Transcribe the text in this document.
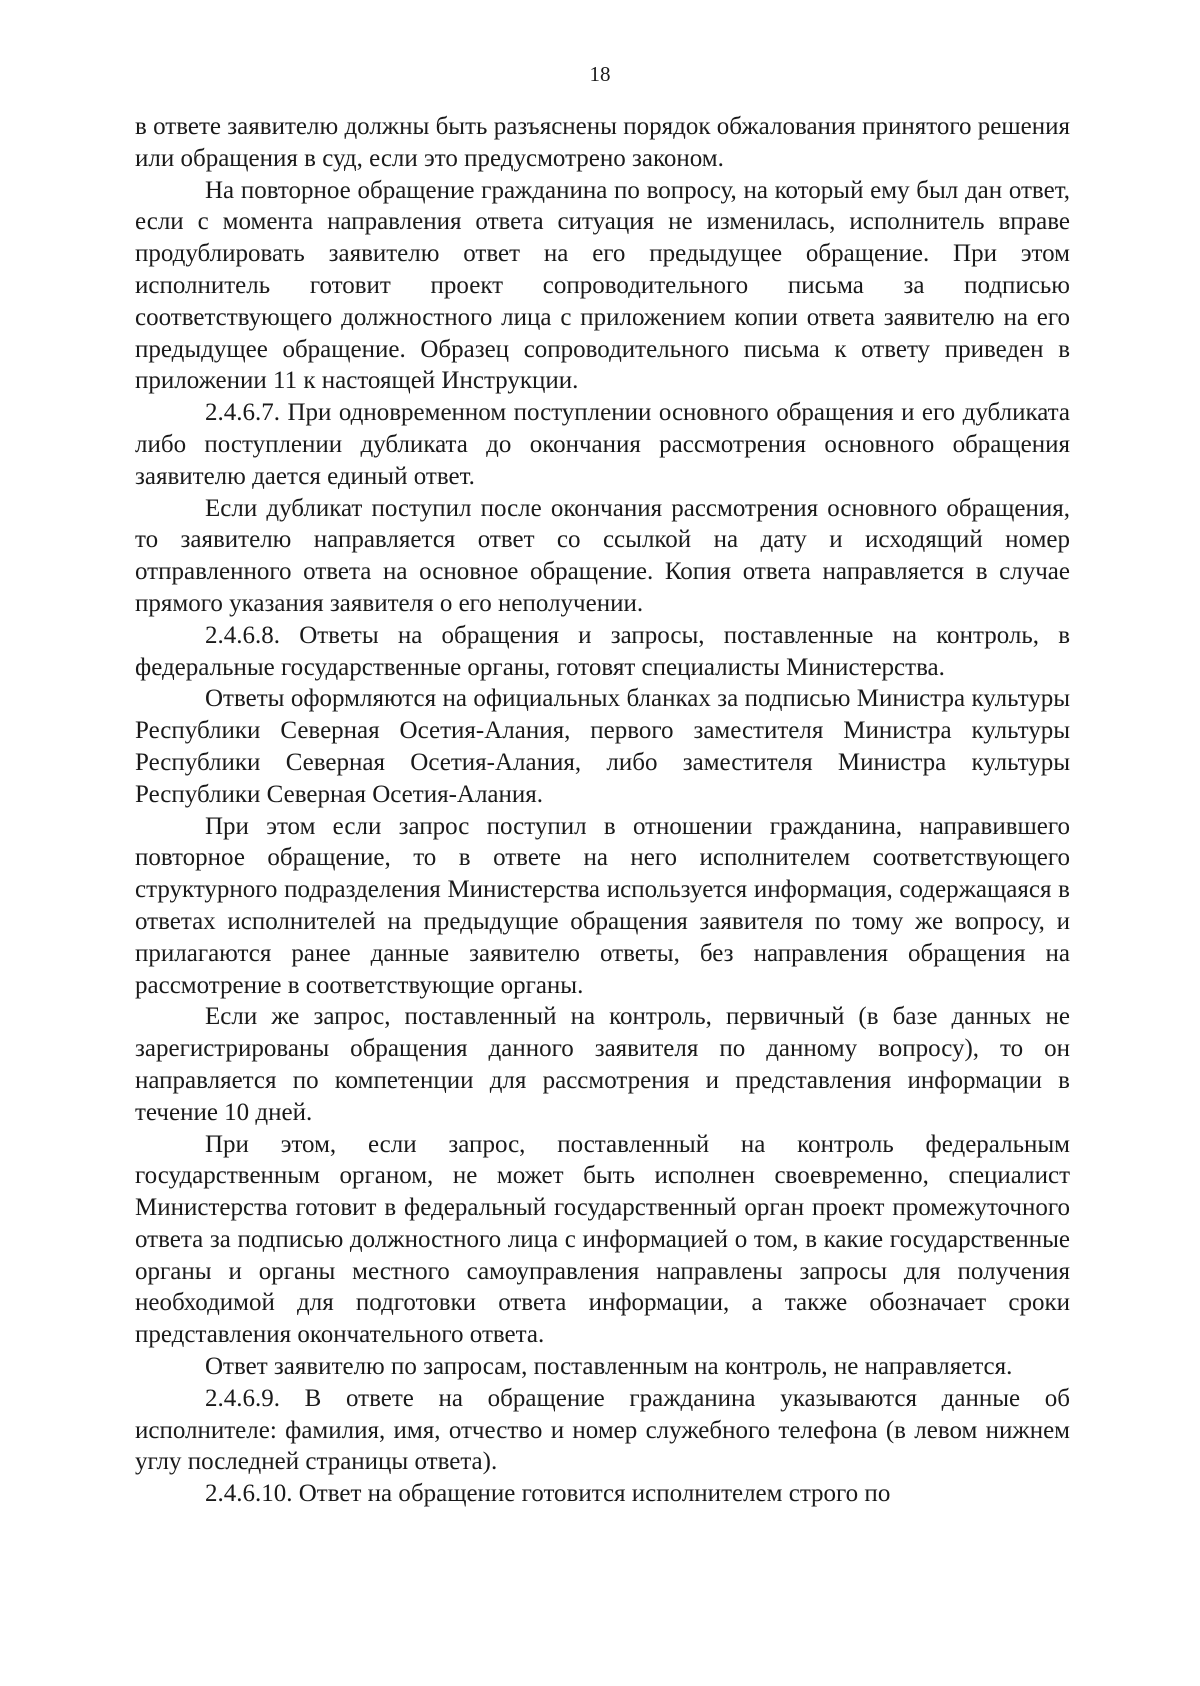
18

в ответе заявителю должны быть разъяснены порядок обжалования принятого решения или обращения в суд, если это предусмотрено законом.

На повторное обращение гражданина по вопросу, на который ему был дан ответ, если с момента направления ответа ситуация не изменилась, исполнитель вправе продублировать заявителю ответ на его предыдущее обращение. При этом исполнитель готовит проект сопроводительного письма за подписью соответствующего должностного лица с приложением копии ответа заявителю на его предыдущее обращение. Образец сопроводительного письма к ответу приведен в приложении 11 к настоящей Инструкции.

2.4.6.7. При одновременном поступлении основного обращения и его дубликата либо поступлении дубликата до окончания рассмотрения основного обращения заявителю дается единый ответ.

Если дубликат поступил после окончания рассмотрения основного обращения, то заявителю направляется ответ со ссылкой на дату и исходящий номер отправленного ответа на основное обращение. Копия ответа направляется в случае прямого указания заявителя о его неполучении.

2.4.6.8. Ответы на обращения и запросы, поставленные на контроль, в федеральные государственные органы, готовят специалисты Министерства.

Ответы оформляются на официальных бланках за подписью Министра культуры Республики Северная Осетия-Алания, первого заместителя Министра культуры Республики Северная Осетия-Алания, либо заместителя Министра культуры Республики Северная Осетия-Алания.

При этом если запрос поступил в отношении гражданина, направившего повторное обращение, то в ответе на него исполнителем соответствующего структурного подразделения Министерства используется информация, содержащаяся в ответах исполнителей на предыдущие обращения заявителя по тому же вопросу, и прилагаются ранее данные заявителю ответы, без направления обращения на рассмотрение в соответствующие органы.

Если же запрос, поставленный на контроль, первичный (в базе данных не зарегистрированы обращения данного заявителя по данному вопросу), то он направляется по компетенции для рассмотрения и представления информации в течение 10 дней.

При этом, если запрос, поставленный на контроль федеральным государственным органом, не может быть исполнен своевременно, специалист Министерства готовит в федеральный государственный орган проект промежуточного ответа за подписью должностного лица с информацией о том, в какие государственные органы и органы местного самоуправления направлены запросы для получения необходимой для подготовки ответа информации, а также обозначает сроки представления окончательного ответа.

Ответ заявителю по запросам, поставленным на контроль, не направляется.

2.4.6.9. В ответе на обращение гражданина указываются данные об исполнителе: фамилия, имя, отчество и номер служебного телефона (в левом нижнем углу последней страницы ответа).

2.4.6.10. Ответ на обращение готовится исполнителем строго по
